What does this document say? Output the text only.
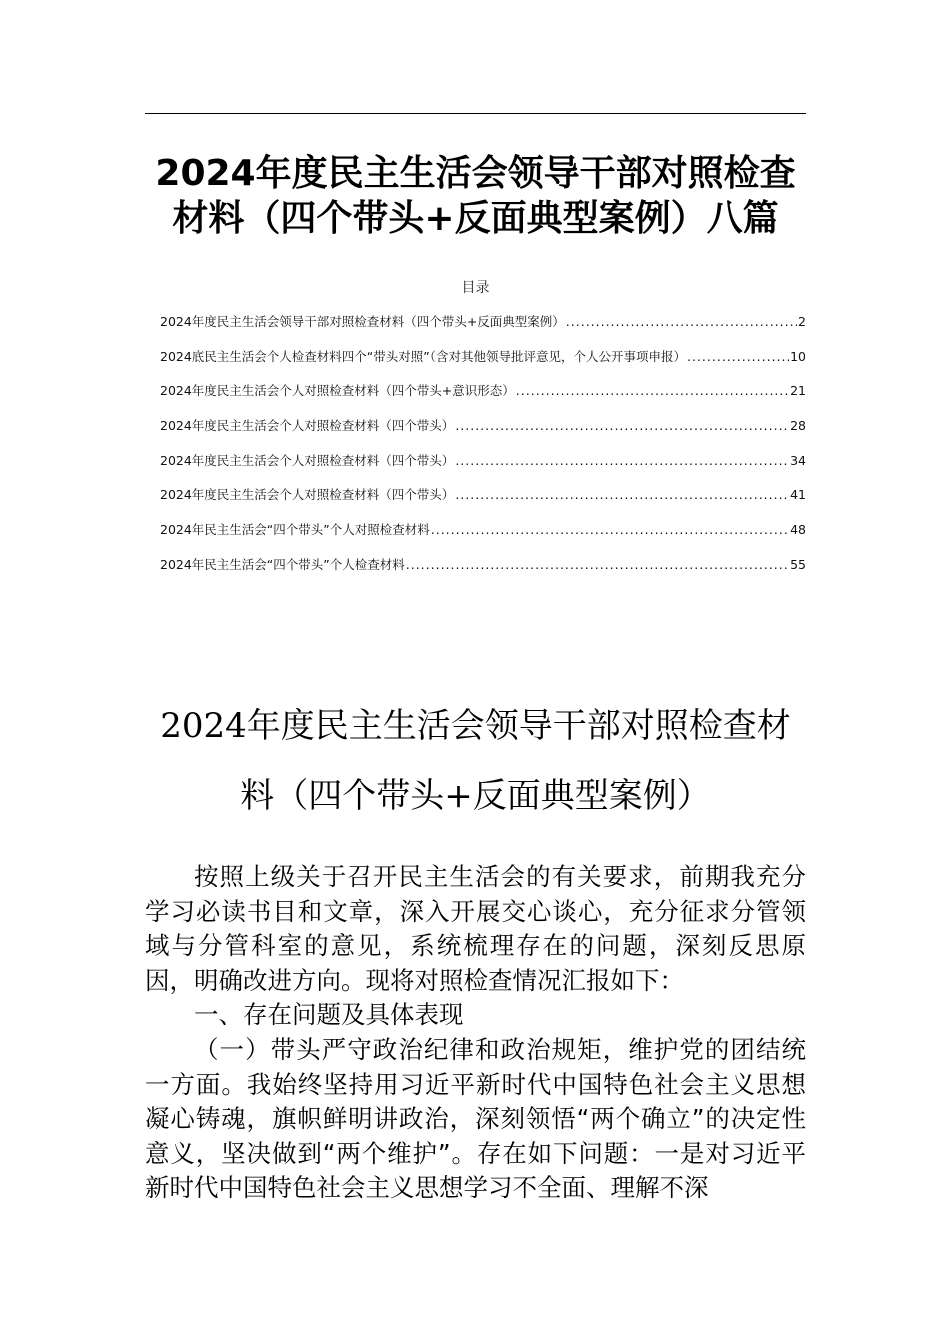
2024年度民主生活会领导干部对照检查
材料（四个带头+反面典型案例）八篇
目录
2024年度民主生活会领导干部对照检查材料（四个带头+反面典型案例） .....	2
2024底民主生活会个人检查材料四个“带头对照”（含对其他领导批评意见，个人公开事项申报） .....	10
2024年度民主生活会个人对照检查材料（四个带头+意识形态） .....	21
2024年度民主生活会个人对照检查材料（四个带头） .....	28
2024年度民主生活会个人对照检查材料（四个带头） .....	34
2024年度民主生活会个人对照检查材料（四个带头） .....	41
2024年民主生活会“四个带头”个人对照检查材料 .....	48
2024年民主生活会“四个带头”个人检查材料 .....	55
2024年度民主生活会领导干部对照检查材
料（四个带头+反面典型案例）

按照上级关于召开民主生活会的有关要求，前期我充分学习必读书目和文章，深入开展交心谈心，充分征求分管领域与分管科室的意见，系统梳理存在的问题，深刻反思原因，明确改进方向。现将对照检查情况汇报如下：

一、存在问题及具体表现

（一）带头严守政治纪律和政治规矩，维护党的团结统一方面。我始终坚持用习近平新时代中国特色社会主义思想凝心铸魂，旗帜鲜明讲政治，深刻领悟“两个确立”的决定性意义，坚决做到“两个维护”。存在如下问题：一是对习近平新时代中国特色社会主义思想学习不全面、理解不深
